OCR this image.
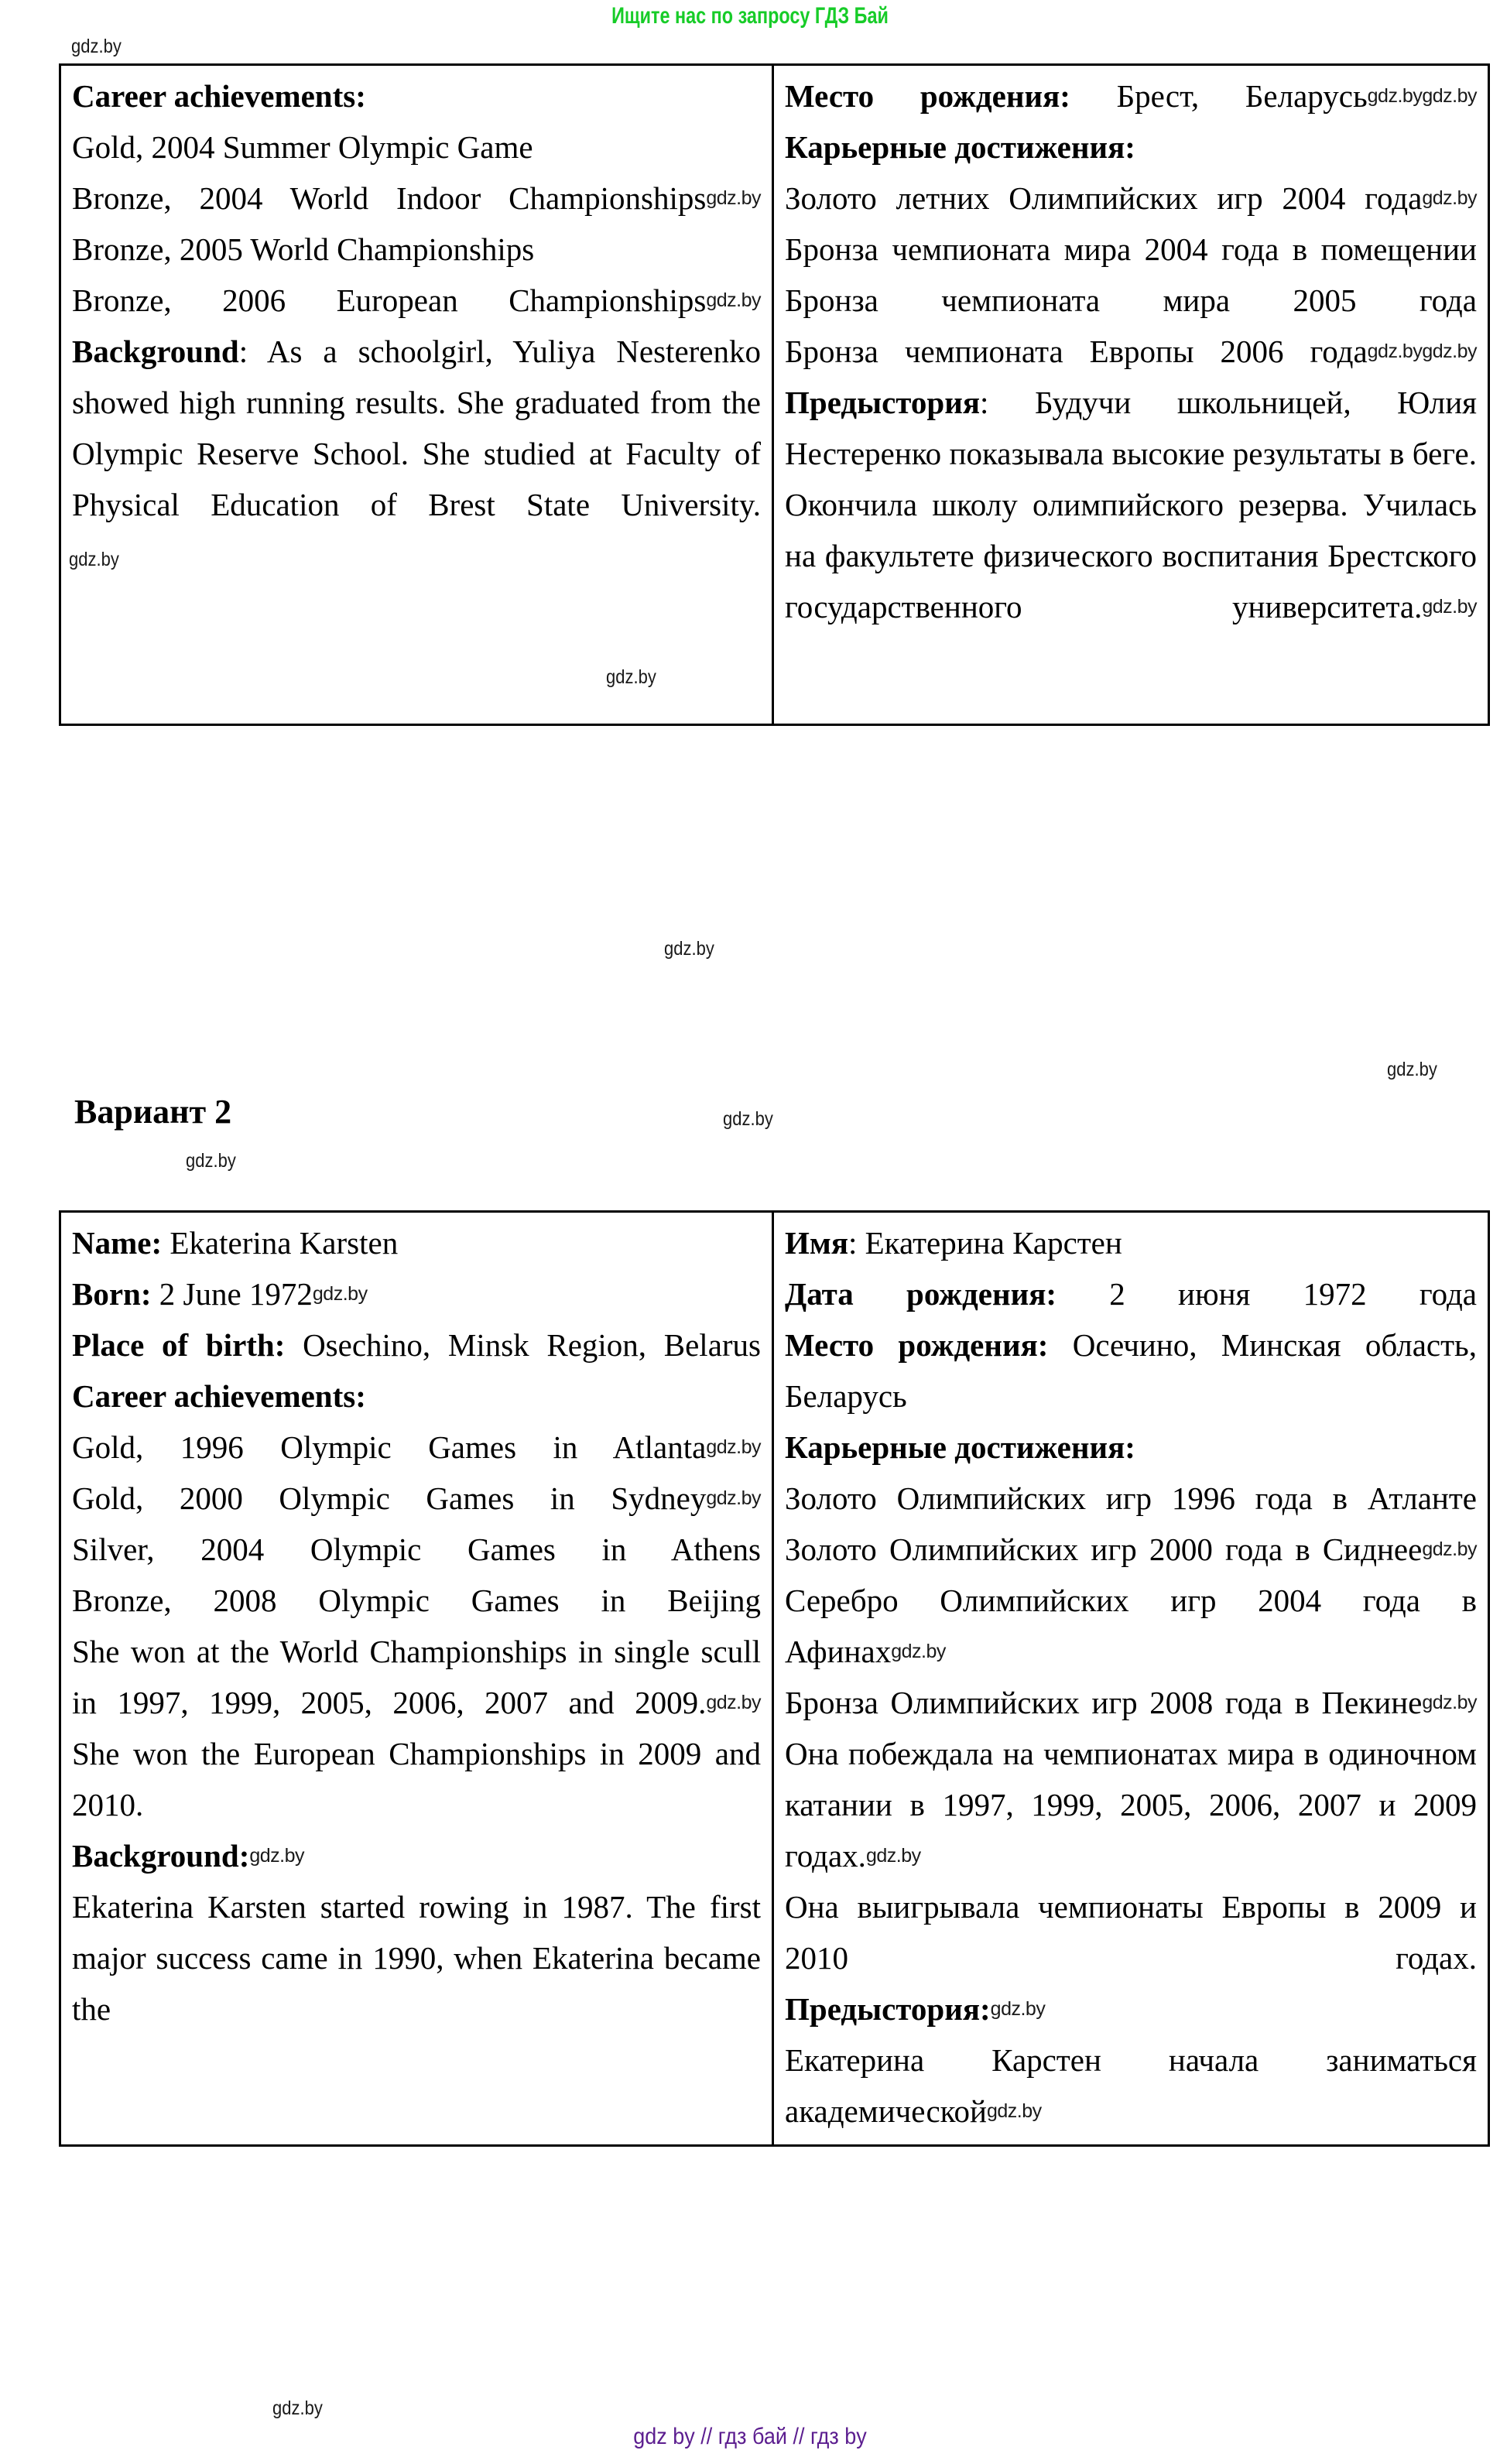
Ищите нас по запросу ГДЗ Бай
gdz.by
gdz.by
gdz.by
gdz.by
gdz.by
gdz.by

Career achievements:

Gold, 2004 Summer Olympic Game

Bronze, 2004 World Indoor Championshipsgdz.by

Bronze, 2005 World Championships

Bronze, 2006 European Championshipsgdz.by

Background: As a schoolgirl, Yuliya Nesterenko showed high running results. She graduated from the Olympic Reserve School. She studied at Faculty of Physical Education of Brest State University.

gdz.by
gdz.by

Место рождения: Брест, Беларусьgdz.bygdz.by

Карьерные достижения:

Золото летних Олимпийских игр 2004 годаgdz.by

Бронза чемпионата мира 2004 года в помещении

Бронза чемпионата мира 2005 года

Бронза чемпионата Европы 2006 годаgdz.bygdz.by

Предыстория: Будучи школьницей, Юлия Нестеренко показывала высокие результаты в беге. Окончила школу олимпийского резерва. Училась на факультете физического воспитания Брестского государственного университета.gdz.by

Вариант 2

Name: Ekaterina Karsten

Born: 2 June 1972gdz.by

Place of birth: Osechino, Minsk Region, Belarus

Career achievements:

Gold, 1996 Olympic Games in Atlantagdz.by

Gold, 2000 Olympic Games in Sydneygdz.by

Silver, 2004 Olympic Games in Athens

Bronze, 2008 Olympic Games in Beijing

She won at the World Championships in single scull in 1997, 1999, 2005, 2006, 2007 and 2009.gdz.by

She won the European Championships in 2009 and 2010.

Background:gdz.by

Ekaterina Karsten started rowing in 1987. The first major success came in 1990, when Ekaterina became the

Имя: Екатерина Карстен

Дата рождения: 2 июня 1972 года

Место рождения: Осечино, Минская область, Беларусь

Карьерные достижения:

Золото Олимпийских игр 1996 года в Атланте

Золото Олимпийских игр 2000 года в Сиднееgdz.by

Серебро Олимпийских игр 2004 года в Афинахgdz.by

Бронза Олимпийских игр 2008 года в Пекинеgdz.by

Она побеждала на чемпионатах мира в одиночном катании в 1997, 1999, 2005, 2006, 2007 и 2009 годах.gdz.by

Она выигрывала чемпионаты Европы в 2009 и 2010 годах.

Предыстория:gdz.by

Екатерина Карстен начала заниматься академическойgdz.by

gdz by // гдз бай // гдз by
